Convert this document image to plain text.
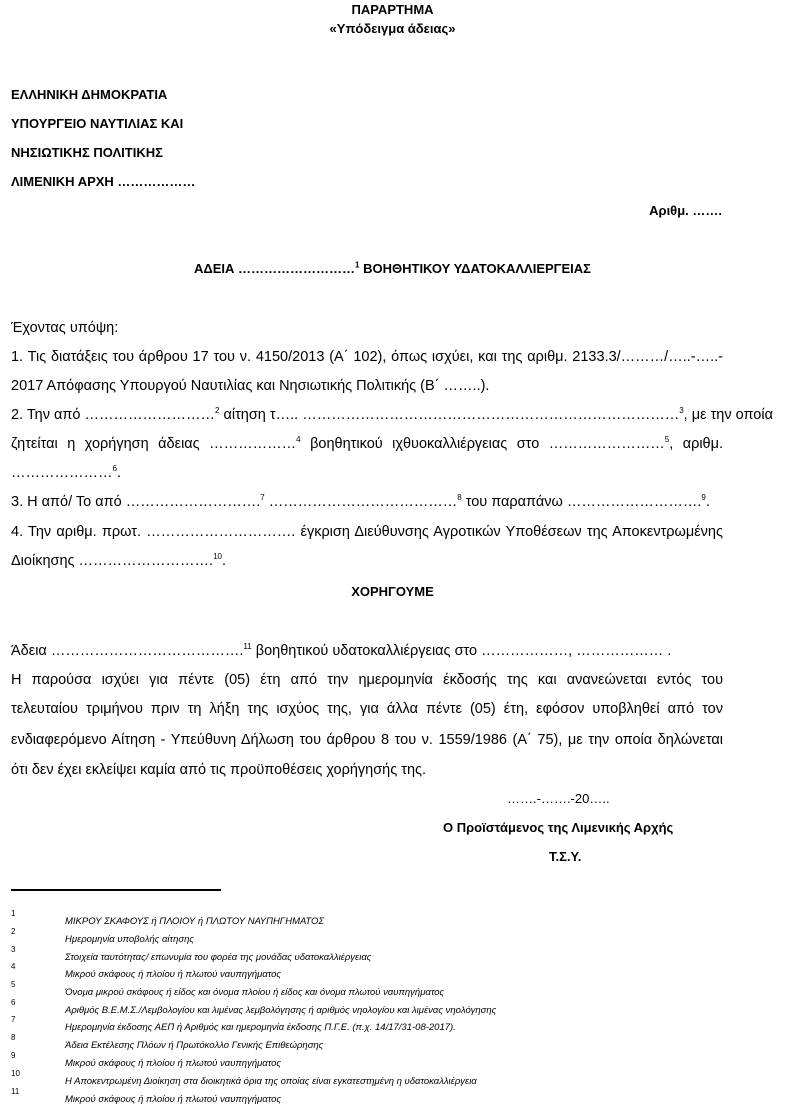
ΠΑΡΑΡΤΗΜΑ
«Υπόδειγμα άδειας»
ΕΛΛΗΝΙΚΗ ΔΗΜΟΚΡΑΤΙΑ
ΥΠΟΥΡΓΕΙΟ ΝΑΥΤΙΛΙΑΣ ΚΑΙ
ΝΗΣΙΩΤΙΚΗΣ ΠΟΛΙΤΙΚΗΣ
ΛΙΜΕΝΙΚΗ ΑΡΧΗ ………………
Αριθμ. …….
ΑΔΕΙΑ ………………………$^1$ ΒΟΗΘΗΤΙΚΟΥ ΥΔΑΤΟΚΑΛΛΙΕΡΓΕΙΑΣ
Έχοντας υπόψη:
1. Τις διατάξεις του άρθρου 17 του ν. 4150/2013 (Α΄ 102), όπως ισχύει, και της αριθμ. 2133.3/………/…..-…..-
2017 Απόφασης Υπουργού Ναυτιλίας και Νησιωτικής Πολιτικής (Β΄ ……..).
2. Την από ………………………$^2$ αίτηση τ….. ……………………………………………………………………$^3$, με την οποία
ζητείται η χορήγηση άδειας ………………$^4$ βοηθητικού ιχθυοκαλλιέργειας στο ……………………$^5$, αριθμ.
…………………$^6$.
3. Η από/ Το από ……………………….$^7$ …………………………………$^8$ του παραπάνω ……………………….$^9$.
4. Την αριθμ. πρωτ. …………………………. έγκριση Διεύθυνσης Αγροτικών Υποθέσεων της Αποκεντρωμένης
Διοίκησης ……………………….$^{10}$.
ΧΟΡΗΓΟΥΜΕ
Άδεια ………………………………….$^{11}$ βοηθητικού υδατοκαλλιέργειας στο ………………, ……………… .
Η παρούσα ισχύει για πέντε (05) έτη από την ημερομηνία έκδοσής της και ανανεώνεται εντός του
τελευταίου τριμήνου πριν τη λήξη της ισχύος της, για άλλα πέντε (05) έτη, εφόσον υποβληθεί από τον
ενδιαφερόμενο Αίτηση - Υπεύθυνη Δήλωση του άρθρου 8 του ν. 1559/1986 (Α΄ 75), με την οποία δηλώνεται
ότι δεν έχει εκλείψει καμία από τις προϋποθέσεις χορήγησής της.
…….-…….-20…..
Ο Προϊστάμενος της Λιμενικής Αρχής
Τ.Σ.Υ.
1
ΜΙΚΡΟΥ ΣΚΑΦΟΥΣ ή ΠΛΟΙΟΥ ή ΠΛΩΤΟΥ ΝΑΥΠΗΓΗΜΑΤΟΣ
2
Ημερομηνία υποβολής αίτησης
3
Στοιχεία ταυτότητας/ επωνυμία του φορέα της μονάδας υδατοκαλλιέργειας
4
Μικρού σκάφους ή πλοίου ή πλωτού ναυπηγήματος
5
Όνομα μικρού σκάφους ή είδος και όνομα πλοίου ή είδος και όνομα πλωτού ναυπηγήματος
6
Αριθμός Β.Ε.Μ.Σ./Λεμβολογίου και λιμένας λεμβολόγησης ή αριθμός νηολογίου και λιμένας νηολόγησης
7
Ημερομηνία έκδοσης ΑΕΠ ή Αριθμός και ημερομηνία έκδοσης Π.Γ.Ε. (π.χ. 14/17/31-08-2017).
8
Άδεια Εκτέλεσης Πλόων ή Πρωτόκολλο Γενικής Επιθεώρησης
9
Μικρού σκάφους ή πλοίου ή πλωτού ναυπηγήματος
10
Η Αποκεντρωμένη Διοίκηση στα διοικητικά όρια της οποίας είναι εγκατεστημένη η υδατοκαλλιέργεια
11
Μικρού σκάφους ή πλοίου ή πλωτού ναυπηγήματος
